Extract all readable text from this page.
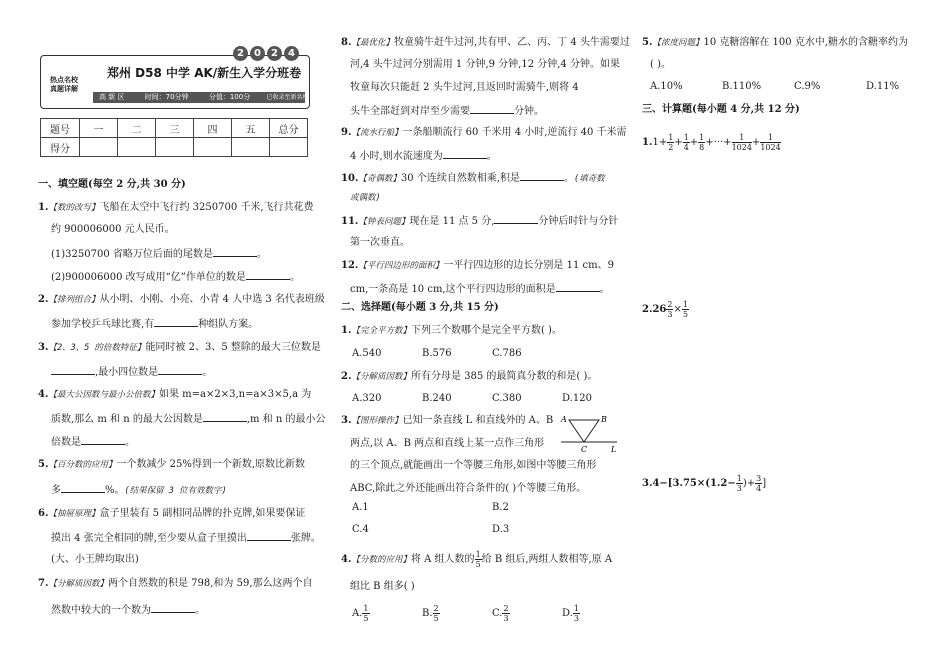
2	0	2	4
热点名校
真题详解
郑州 D58 中学 AK/新生入学分班卷
高 新 区	时间：70分钟	分值：100分	已收录至新名校
题号	一	二	三	四	五	总分
得分						
一、填空题(每空 2 分,共 30 分)
1.【数的改写】飞船在太空中飞行约 3250700 千米,飞行共花费
约 900006000 元人民币。
(1)3250700 省略万位后面的尾数是	。
(2)900006000 改写成用“亿”作单位的数是	。
2.【排列组合】从小明、小刚、小亮、小青 4 人中选 3 名代表班级
参加学校乒乓球比赛,有	种组队方案。
3.【2、3、5 的倍数特征】能同时被 2、3、5 整除的最大三位数是
,最小四位数是	。
4.【最大公因数与最小公倍数】如果 m=a×2×3,n=a×3×5,a 为
质数,那么 m 和 n 的最大公因数是	,m 和 n 的最小公
倍数是	。
5.【百分数的应用】一个数减少 25%得到一个新数,原数比新数
多	%。(结果保留 3 位有效数字)
6.【抽屉原理】盒子里装有 5 副相同品牌的扑克牌,如果要保证
摸出 4 张完全相同的牌,至少要从盒子里摸出	张牌。
(大、小王牌均取出)
7.【分解质因数】两个自然数的积是 798,和为 59,那么这两个自
然数中较大的一个数为	。
8.【最优化】牧童骑牛赶牛过河,共有甲、乙、丙、丁 4 头牛需要过
河,4 头牛过河分别需用 1 分钟,9 分钟,12 分钟,4 分钟。如果
牧童每次只能赶 2 头牛过河,且返回时需骑牛,则将 4
头牛全部赶到对岸至少需要	分钟。
9.【流水行船】一条船顺流行 60 千米用 4 小时,逆流行 40 千米需
4 小时,则水流速度为	。
10.【奇偶数】30 个连续自然数相乘,积是	。(填奇数
或偶数)
11.【钟表问题】现在是 11 点 5 分,	分钟后时针与分针
第一次垂直。
12.【平行四边形的面积】一平行四边形的边长分别是 11 cm、9
cm,一条高是 10 cm,这个平行四边形的面积是	。
二、选择题(每小题 3 分,共 15 分)
1.【完全平方数】下列三个数哪个是完全平方数( )。
A.540	B.576	C.786
2.【分解质因数】所有分母是 385 的最简真分数的和是( )。
A.320	B.240	C.380	D.120
3.【图形操作】已知一条直线 L 和直线外的 A、B
两点,以 A、B 两点和直线上某一点作三角形
的三个顶点,就能画出一个等腰三角形,如图中等腰三角形
ABC,除此之外还能画出符合条件的( )个等腰三角形。
A	B
C	L
A.1	B.2
C.4	D.3
4.【分数的应用】将 A 组人数的 $\frac{1}{5}$ 给 B 组后,两组人数相等,原 A
组比 B 组多( )
A. $\frac{1}{5}$	B. $\frac{2}{5}$	C. $\frac{2}{3}$	D. $\frac{1}{3}$
5.【浓度问题】10 克糖溶解在 100 克水中,糖水的含糖率约为
( )。
A.10%	B.110%	C.9%	D.11%
三、计算题(每小题 4 分,共 12 分)
$1.1+ \frac{1}{2} + \frac{1}{4} + \frac{1}{8}$ +···+ $\frac{1}{1024} + \frac{1}{1024}$
$2.26 \frac{2}{3} \times \frac{1}{5}$
$3.4-[3.75\times(1.2- \frac{1}{3}$ )+ $\frac{3}{4}$ ]
